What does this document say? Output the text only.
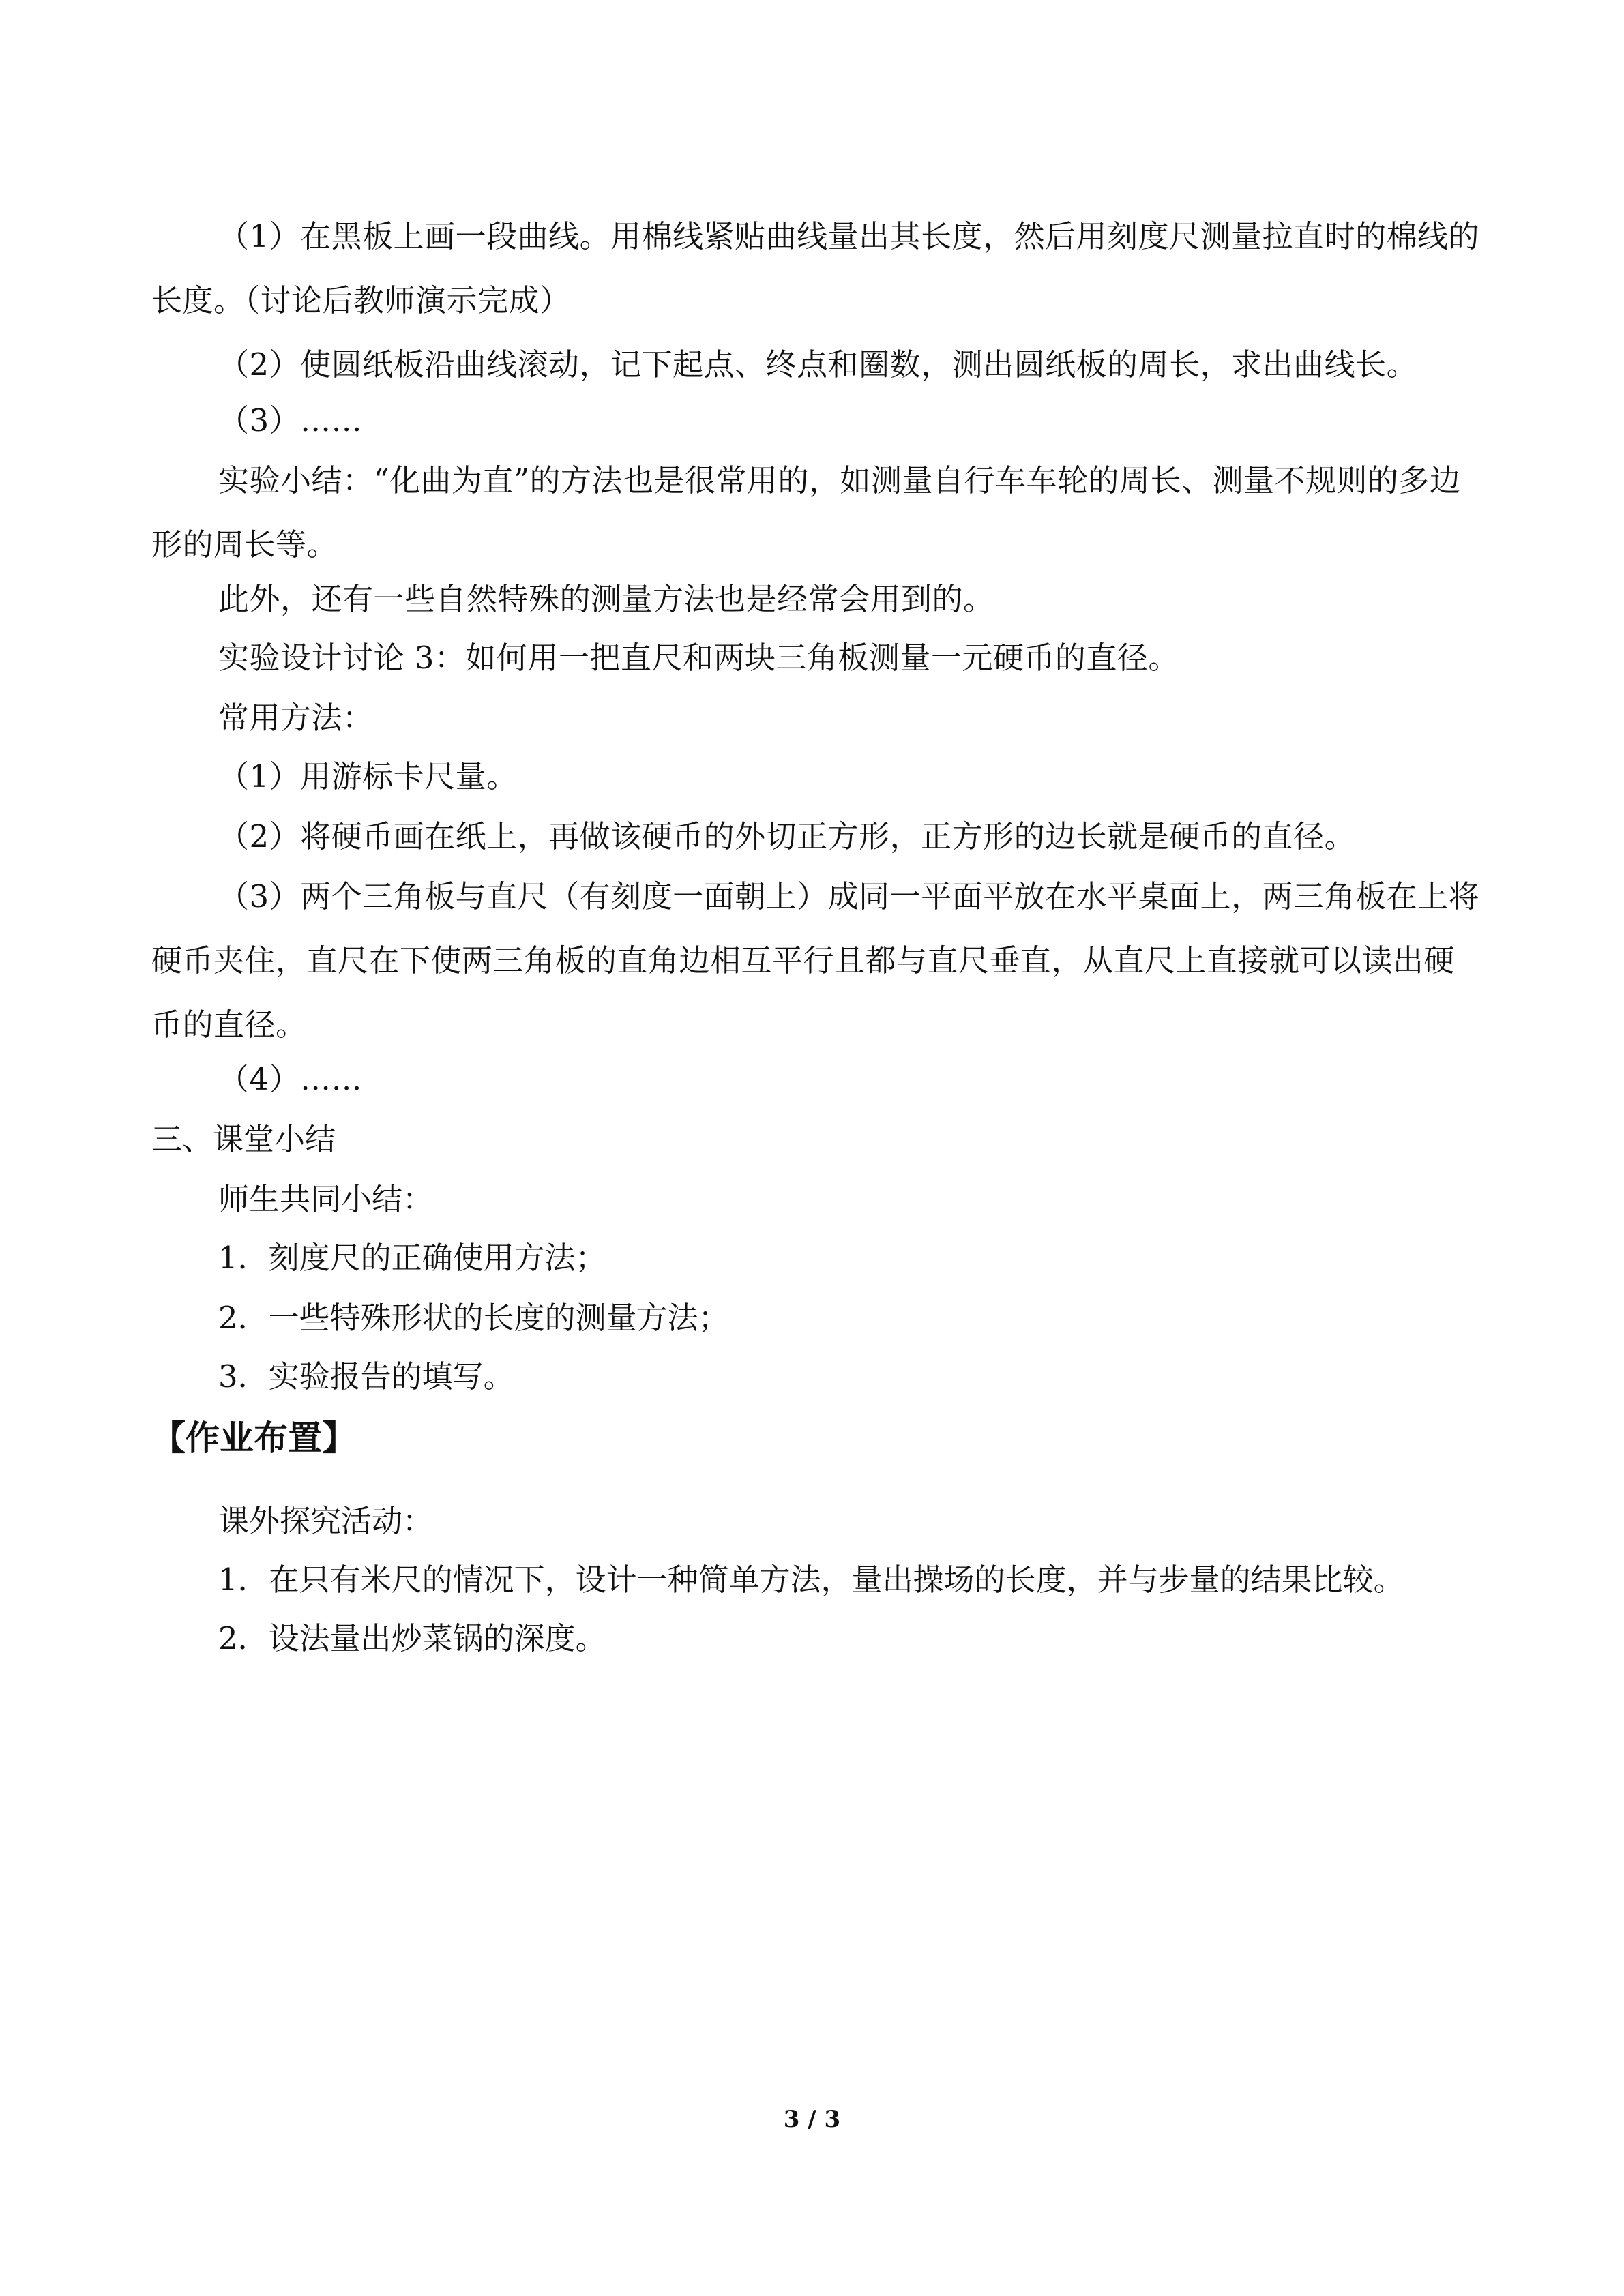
（1）在黑板上画一段曲线。用棉线紧贴曲线量出其长度，然后用刻度尺测量拉直时的棉线的长度。（讨论后教师演示完成）
（2）使圆纸板沿曲线滚动，记下起点、终点和圈数，测出圆纸板的周长，求出曲线长。
（3）……
实验小结：“化曲为直”的方法也是很常用的，如测量自行车车轮的周长、测量不规则的多边形的周长等。
此外，还有一些自然特殊的测量方法也是经常会用到的。
实验设计讨论 3：如何用一把直尺和两块三角板测量一元硬币的直径。
常用方法：
（1）用游标卡尺量。
（2）将硬币画在纸上，再做该硬币的外切正方形，正方形的边长就是硬币的直径。
（3）两个三角板与直尺（有刻度一面朝上）成同一平面平放在水平桌面上，两三角板在上将硬币夹住，直尺在下使两三角板的直角边相互平行且都与直尺垂直，从直尺上直接就可以读出硬币的直径。
（4）……
三、课堂小结
师生共同小结：
1．刻度尺的正确使用方法；
2．一些特殊形状的长度的测量方法；
3．实验报告的填写。
【作业布置】
课外探究活动：
1．在只有米尺的情况下，设计一种简单方法，量出操场的长度，并与步量的结果比较。
2．设法量出炒菜锅的深度。
3 / 3
